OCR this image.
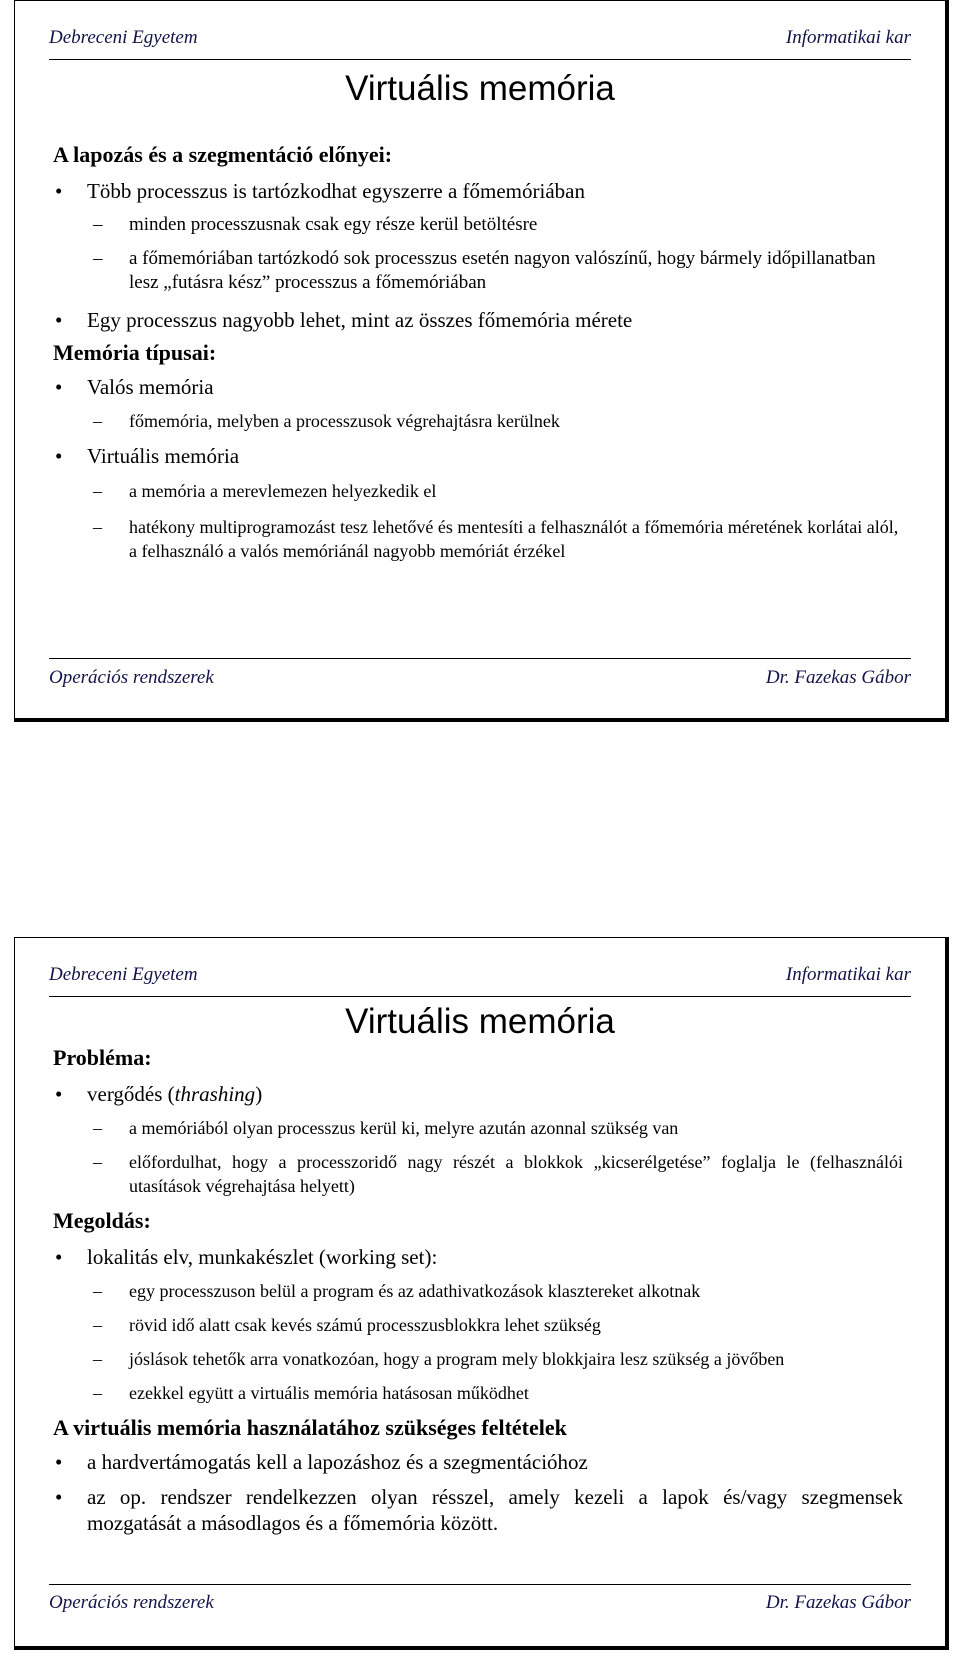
Debreceni Egyetem	Informatikai kar
Virtuális memória

A lapozás és a szegmentáció előnyei:

• Több processzus is tartózkodhat egyszerre a főmemóriában
– minden processzusnak csak egy része kerül betöltésre
– a főmemóriában tartózkodó sok processzus esetén nagyon valószínű, hogy bármely időpillanatban lesz „futásra kész” processzus a főmemóriában
• Egy processzus nagyobb lehet, mint az összes főmemória mérete

Memória típusai:

• Valós memória
– főmemória, melyben a processzusok végrehajtásra kerülnek
• Virtuális memória
– a memória a merevlemezen helyezkedik el
– hatékony multiprogramozást tesz lehetővé és mentesíti a felhasználót a főmemória méretének korlátai alól, a felhasználó a valós memóriánál nagyobb memóriát érzékel
Operációs rendszerek	Dr. Fazekas Gábor
Debreceni Egyetem	Informatikai kar
Virtuális memória

Probléma:

• vergődés (thrashing)
– a memóriából olyan processzus kerül ki, melyre azután azonnal szükség van
– előfordulhat, hogy a processzoridő nagy részét a blokkok „kicserélgetése” foglalja le (felhasználói utasítások végrehajtása helyett)

Megoldás:

• lokalitás elv, munkakészlet (working set):
– egy processzuson belül a program és az adathivatkozások klasztereket alkotnak
– rövid idő alatt csak kevés számú processzusblokkra lehet szükség
– jóslások tehetők arra vonatkozóan, hogy a program mely blokkjaira lesz szükség a jövőben
– ezekkel együtt a virtuális memória hatásosan működhet

A virtuális memória használatához szükséges feltételek

• a hardvertámogatás kell a lapozáshoz és a szegmentációhoz
• az op. rendszer rendelkezzen olyan résszel, amely kezeli a lapok és/vagy szegmensek mozgatását a másodlagos és a főmemória között.
Operációs rendszerek	Dr. Fazekas Gábor
